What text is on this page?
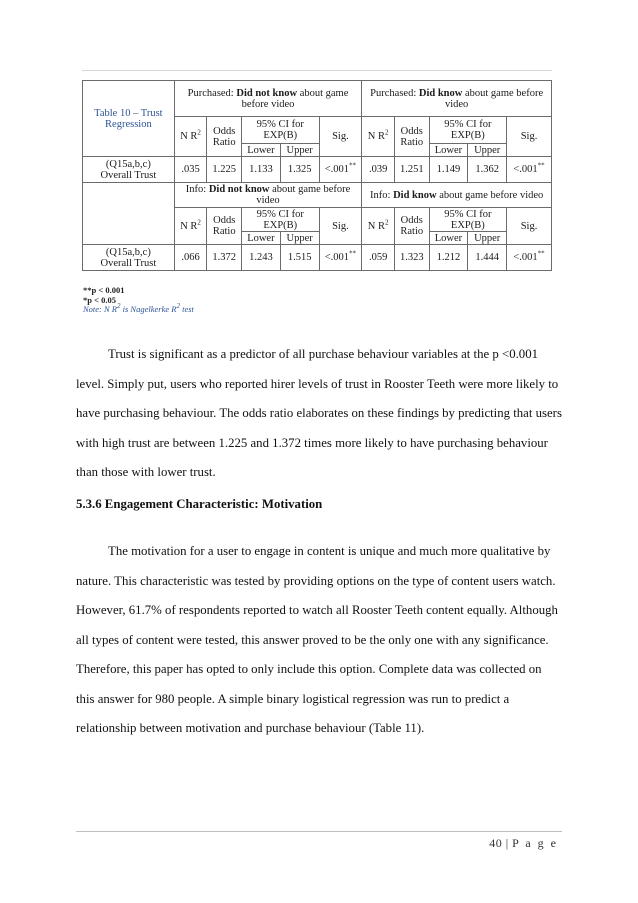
Table 10 – Trust
Regression	Purchased: Did not know about game before video					Purchased: Did know about game before video				
	N $R^2$	Odds Ratio	95% CI for EXP(B)		Sig.	N $R^2$	Odds Ratio	95% CI for EXP(B)		Sig.
			Lower	Upper				Lower	Upper	
(Q15a,b,c)
Overall Trust	.035	1.225	1.133	1.325	<.001**	.039	1.251	1.149	1.362	<.001**
	Info: Did not know about game before video					Info: Did know about game before video				
	N $R^2$	Odds Ratio	95% CI for EXP(B)		Sig.	N $R^2$	Odds Ratio	95% CI for EXP(B)		Sig.
			Lower	Upper				Lower	Upper	
(Q15a,b,c)
Overall Trust	.066	1.372	1.243	1.515	<.001**	.059	1.323	1.212	1.444	<.001**
**p < 0.001
*p < 0.05
Note: N $R^2$ is Nagelkerke $R^2$ test
Trust is significant as a predictor of all purchase behaviour variables at the p <0.001 level. Simply put, users who reported hirer levels of trust in Rooster Teeth were more likely to have purchasing behaviour. The odds ratio elaborates on these findings by predicting that users with high trust are between 1.225 and 1.372 times more likely to have purchasing behaviour than those with lower trust.
5.3.6 Engagement Characteristic: Motivation
The motivation for a user to engage in content is unique and much more qualitative by nature. This characteristic was tested by providing options on the type of content users watch. However, 61.7% of respondents reported to watch all Rooster Teeth content equally. Although all types of content were tested, this answer proved to be the only one with any significance. Therefore, this paper has opted to only include this option. Complete data was collected on this answer for 980 people. A simple binary logistical regression was run to predict a relationship between motivation and purchase behaviour (Table 11).
40 | P a g e
